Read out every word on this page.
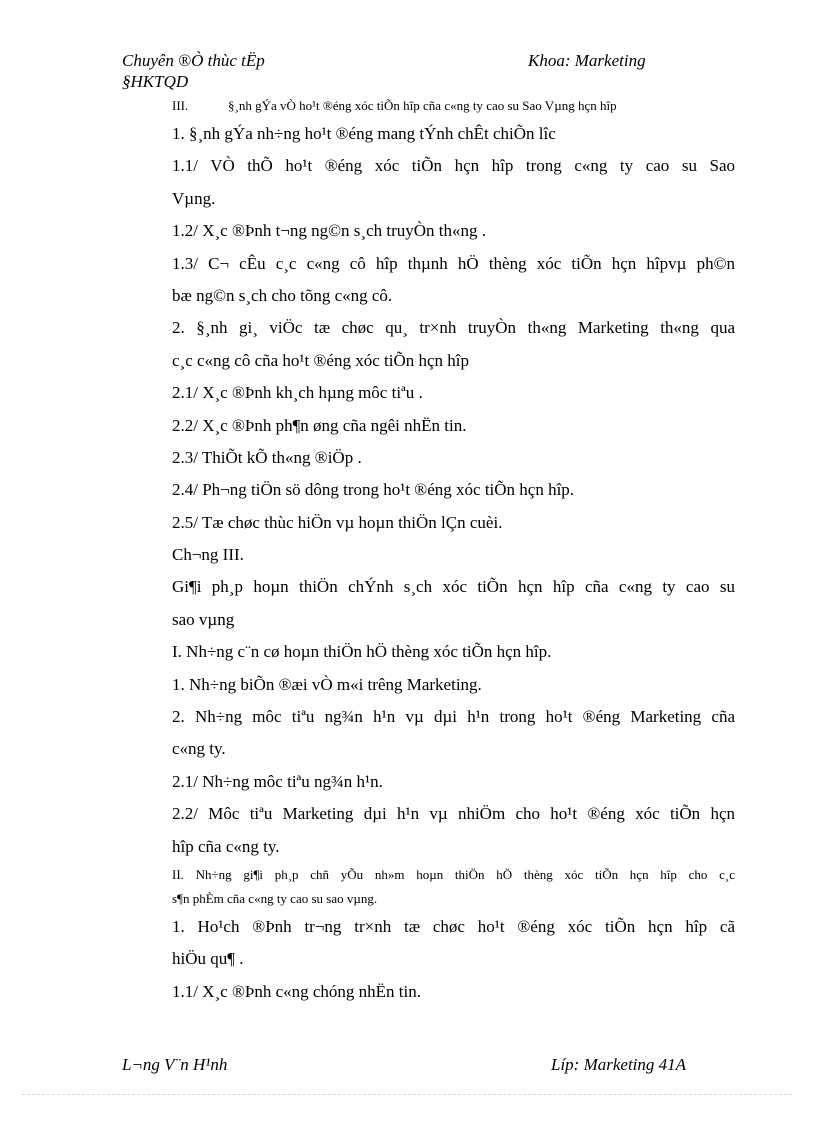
Chuyên ®Ò thùc tËp
§HKTQD
Khoa: Marketing
III.	§¸nh gÝa vÒ ho¹t ®éng xóc tiÕn hîp cña c«ng ty cao su Sao Vµng hçn hîp
1. §¸nh gÝa nh÷ng ho¹t ®éng mang tÝnh chÊt chiÕn lîc
1.1/ VÒ thÕ ho¹t ®éng xóc tiÕn hçn hîp trong c«ng ty cao su Sao
Vµng.
1.2/ X¸c ®Þnh t¬ng ng©n s¸ch truyÒn th«ng .
1.3/ C¬ cÊu c¸c c«ng cô hîp thµnh hÖ thèng xóc tiÕn hçn hîpvµ ph©n
bæ ng©n s¸ch cho tõng c«ng cô.
2. §¸nh gi¸ viÖc tæ chøc qu¸ tr×nh truyÒn th«ng Marketing th«ng qua
c¸c c«ng cô cña ho¹t ®éng xóc tiÕn hçn hîp
2.1/ X¸c ®Þnh kh¸ch hµng môc tiªu .
2.2/ X¸c ®Þnh ph¶n øng cña ngêi nhËn tin.
2.3/ ThiÕt kÕ th«ng ®iÖp .
2.4/ Ph¬ng tiÖn sö dông trong ho¹t ®éng xóc tiÕn hçn hîp.
2.5/ Tæ chøc thùc hiÖn vµ hoµn thiÖn lÇn cuèi.
Ch¬ng III.
Gi¶i ph¸p hoµn thiÖn chÝnh s¸ch xóc tiÕn hçn hîp cña c«ng ty cao su
sao vµng
I. Nh÷ng c¨n cø hoµn thiÖn hÖ thèng xóc tiÕn hçn hîp.
1. Nh÷ng biÕn ®æi vÒ m«i trêng Marketing.
2. Nh÷ng môc tiªu ng¾n h¹n vµ dµi h¹n trong ho¹t ®éng Marketing cña
c«ng ty.
2.1/ Nh÷ng môc tiªu ng¾n h¹n.
2.2/ Môc tiªu Marketing dµi h¹n vµ nhiÖm cho ho¹t ®éng xóc tiÕn hçn
hîp cña c«ng ty.
II. Nh÷ng gi¶i ph¸p chñ yÕu nh»m hoµn thiÖn hÖ thèng xóc tiÕn hçn hîp cho c¸c
s¶n phÈm cña c«ng ty cao su sao vµng.
1. Ho¹ch ®Þnh tr¬ng tr×nh tæ chøc ho¹t ®éng xóc tiÕn hçn hîp cã
hiÖu qu¶ .
1.1/ X¸c ®Þnh c«ng chóng nhËn tin.
L¬ng V¨n H¹nh	Líp: Marketing 41A
